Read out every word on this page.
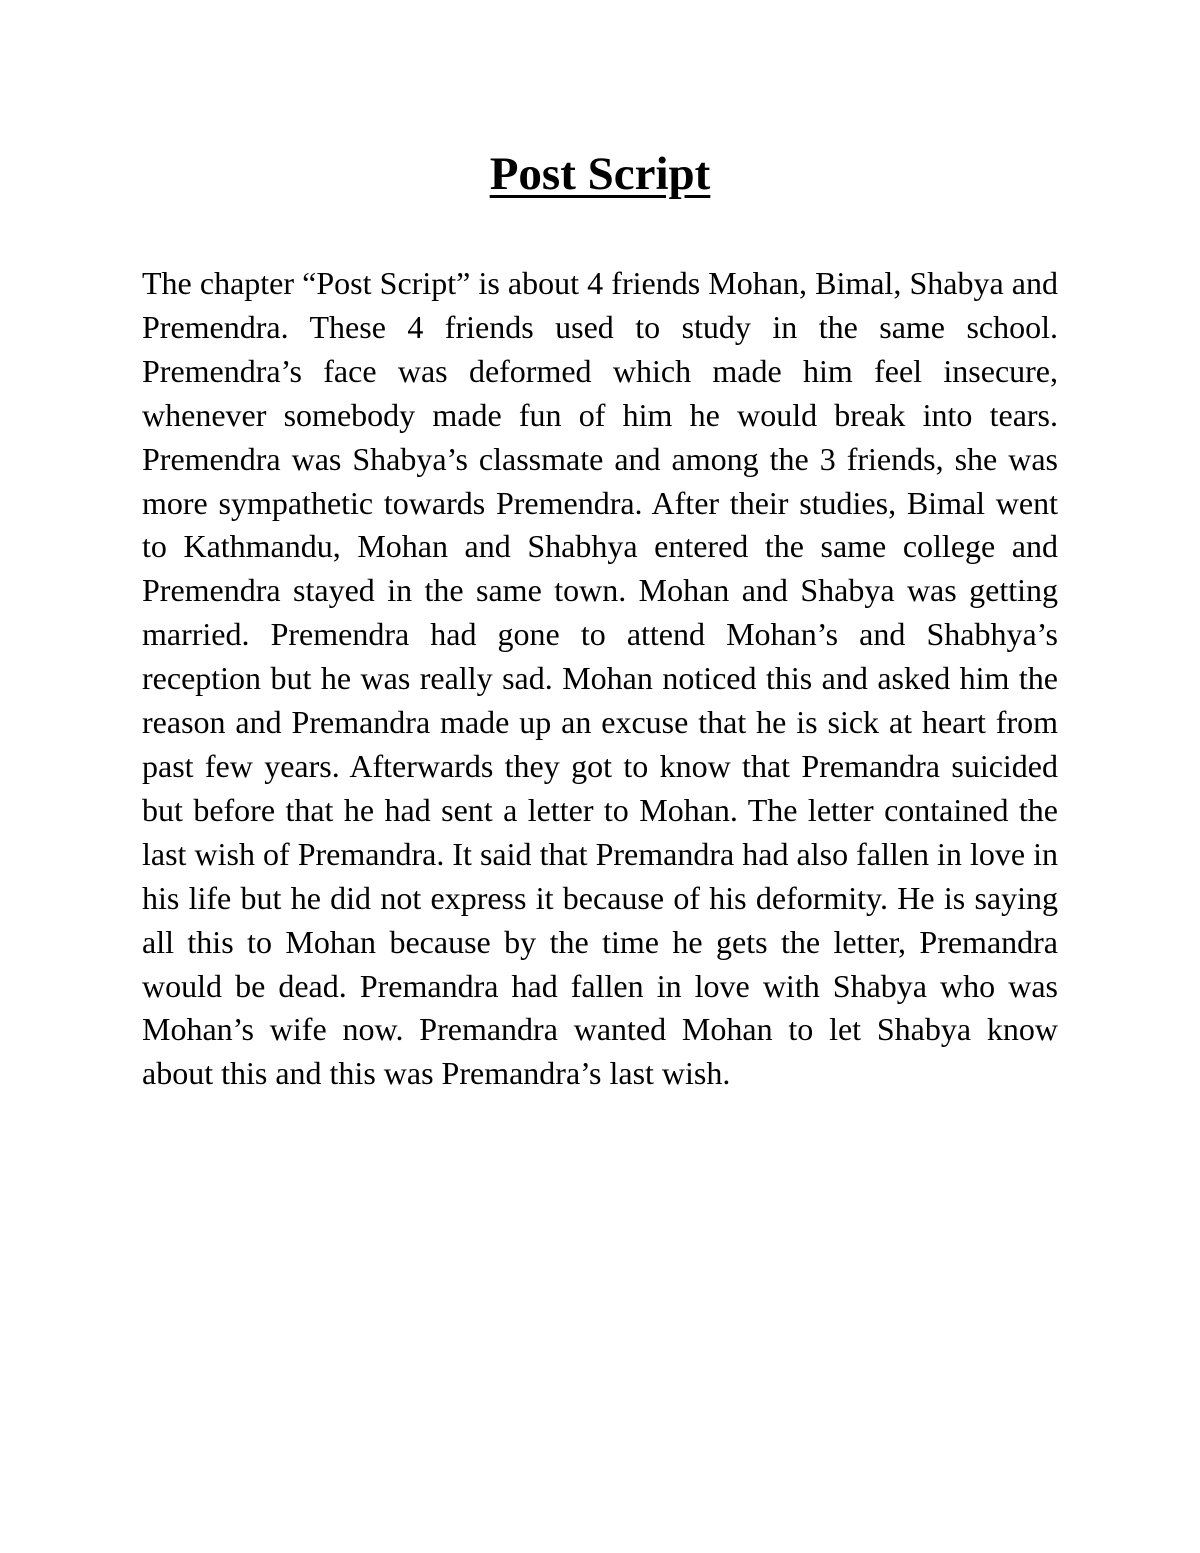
Post Script

The chapter “Post Script” is about 4 friends Mohan, Bimal, Shabya and Premendra. These 4 friends used to study in the same school. Premendra’s face was deformed which made him feel insecure, whenever somebody made fun of him he would break into tears. Premendra was Shabya’s classmate and among the 3 friends, she was more sympathetic towards Premendra. After their studies, Bimal went to Kathmandu, Mohan and Shabhya entered the same college and Premendra stayed in the same town. Mohan and Shabya was getting married. Premendra had gone to attend Mohan’s and Shabhya’s reception but he was really sad. Mohan noticed this and asked him the reason and Premandra made up an excuse that he is sick at heart from past few years. Afterwards they got to know that Premandra suicided but before that he had sent a letter to Mohan. The letter contained the last wish of Premandra. It said that Premandra had also fallen in love in his life but he did not express it because of his deformity. He is saying all this to Mohan because by the time he gets the letter, Premandra would be dead. Premandra had fallen in love with Shabya who was Mohan’s wife now. Premandra wanted Mohan to let Shabya know about this and this was Premandra’s last wish.
